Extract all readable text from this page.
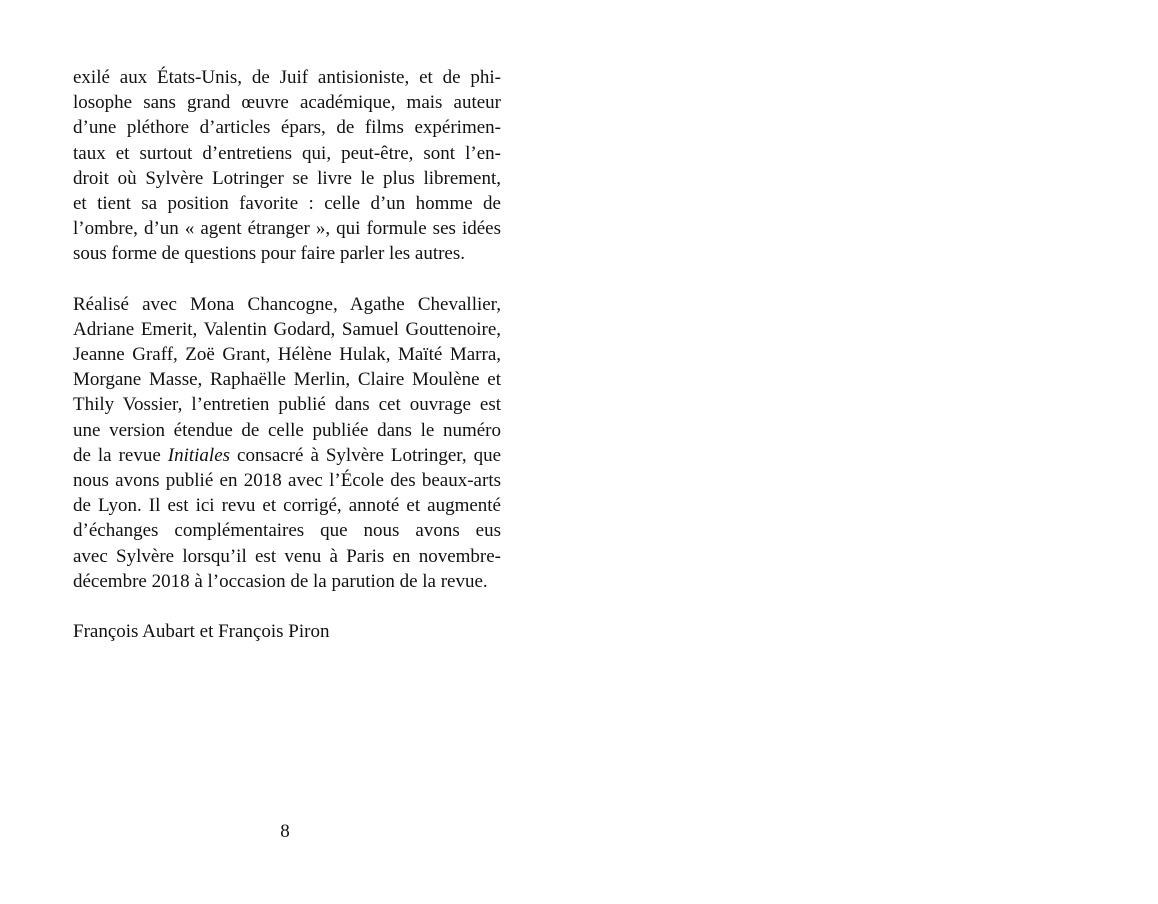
exilé aux États-Unis, de Juif antisioniste, et de phi-
losophe sans grand œuvre académique, mais auteur
d’une pléthore d’articles épars, de films expérimen-
taux et surtout d’entretiens qui, peut-être, sont l’en-
droit où Sylvère Lotringer se livre le plus librement,
et tient sa position favorite : celle d’un homme de
l’ombre, d’un « agent étranger », qui formule ses idées
sous forme de questions pour faire parler les autres.
Réalisé avec Mona Chancogne, Agathe Chevallier,
Adriane Emerit, Valentin Godard, Samuel Gouttenoire,
Jeanne Graff, Zoë Grant, Hélène Hulak, Maïté Marra,
Morgane Masse, Raphaëlle Merlin, Claire Moulène et
Thily Vossier, l’entretien publié dans cet ouvrage est
une version étendue de celle publiée dans le numéro
de la revue Initiales consacré à Sylvère Lotringer, que
nous avons publié en 2018 avec l’École des beaux-arts
de Lyon. Il est ici revu et corrigé, annoté et augmenté
d’échanges complémentaires que nous avons eus
avec Sylvère lorsqu’il est venu à Paris en novembre-
décembre 2018 à l’occasion de la parution de la revue.
François Aubart et François Piron
8
